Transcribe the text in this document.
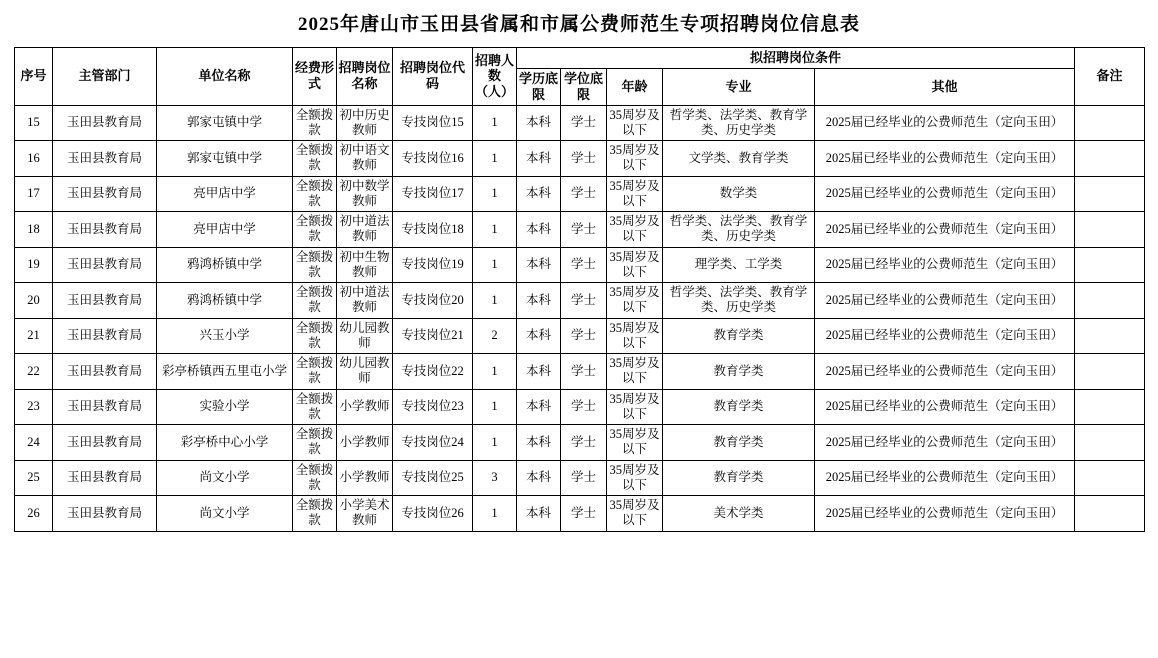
2025年唐山市玉田县省属和市属公费师范生专项招聘岗位信息表
序号	主管部门	单位名称	经费形式	招聘岗位名称	招聘岗位代码	招聘人数（人）	拟招聘岗位条件					备注
							学历底限	学位底限	年龄	专业	其他	
15	玉田县教育局	郭家屯镇中学	全额拨款	初中历史教师	专技岗位15	1	本科	学士	35周岁及以下	哲学类、法学类、教育学类、历史学类	2025届已经毕业的公费师范生（定向玉田）	
16	玉田县教育局	郭家屯镇中学	全额拨款	初中语文教师	专技岗位16	1	本科	学士	35周岁及以下	文学类、教育学类	2025届已经毕业的公费师范生（定向玉田）	
17	玉田县教育局	亮甲店中学	全额拨款	初中数学教师	专技岗位17	1	本科	学士	35周岁及以下	数学类	2025届已经毕业的公费师范生（定向玉田）	
18	玉田县教育局	亮甲店中学	全额拨款	初中道法教师	专技岗位18	1	本科	学士	35周岁及以下	哲学类、法学类、教育学类、历史学类	2025届已经毕业的公费师范生（定向玉田）	
19	玉田县教育局	鸦鸿桥镇中学	全额拨款	初中生物教师	专技岗位19	1	本科	学士	35周岁及以下	理学类、工学类	2025届已经毕业的公费师范生（定向玉田）	
20	玉田县教育局	鸦鸿桥镇中学	全额拨款	初中道法教师	专技岗位20	1	本科	学士	35周岁及以下	哲学类、法学类、教育学类、历史学类	2025届已经毕业的公费师范生（定向玉田）	
21	玉田县教育局	兴玉小学	全额拨款	幼儿园教师	专技岗位21	2	本科	学士	35周岁及以下	教育学类	2025届已经毕业的公费师范生（定向玉田）	
22	玉田县教育局	彩亭桥镇西五里屯小学	全额拨款	幼儿园教师	专技岗位22	1	本科	学士	35周岁及以下	教育学类	2025届已经毕业的公费师范生（定向玉田）	
23	玉田县教育局	实验小学	全额拨款	小学教师	专技岗位23	1	本科	学士	35周岁及以下	教育学类	2025届已经毕业的公费师范生（定向玉田）	
24	玉田县教育局	彩亭桥中心小学	全额拨款	小学教师	专技岗位24	1	本科	学士	35周岁及以下	教育学类	2025届已经毕业的公费师范生（定向玉田）	
25	玉田县教育局	尚文小学	全额拨款	小学教师	专技岗位25	3	本科	学士	35周岁及以下	教育学类	2025届已经毕业的公费师范生（定向玉田）	
26	玉田县教育局	尚文小学	全额拨款	小学美术教师	专技岗位26	1	本科	学士	35周岁及以下	美术学类	2025届已经毕业的公费师范生（定向玉田）	
